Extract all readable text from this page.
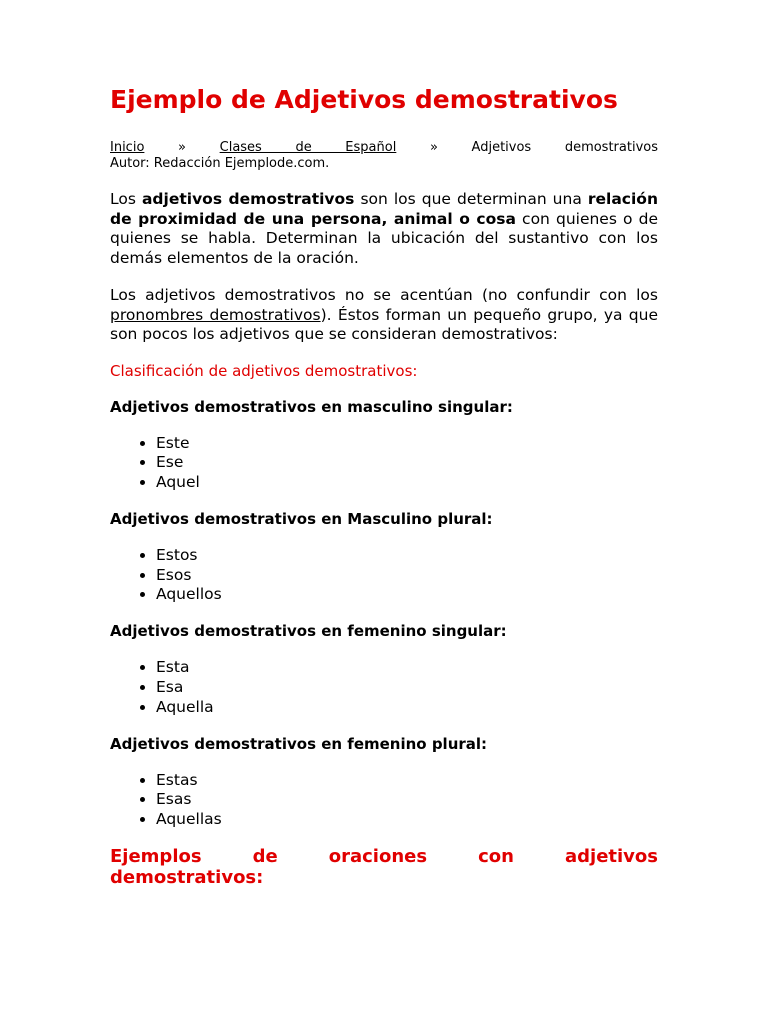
Ejemplo de Adjetivos demostrativos
Inicio	»	Clases de Español	»	Adjetivos demostrativos
Autor: Redacción Ejemplode.com.

Los adjetivos demostrativos son los que determinan una relación de proximidad de una persona, animal o cosa con quienes o de quienes se habla. Determinan la ubicación del sustantivo con los demás elementos de la oración.

Los adjetivos demostrativos no se acentúan (no confundir con los pronombres demostrativos). Éstos forman un pequeño grupo, ya que son pocos los adjetivos que se consideran demostrativos:

Clasificación de adjetivos demostrativos:
Adjetivos demostrativos en masculino singular:
• Este
• Ese
• Aquel
Adjetivos demostrativos en Masculino plural:
• Estos
• Esos
• Aquellos
Adjetivos demostrativos en femenino singular:
• Esta
• Esa
• Aquella
Adjetivos demostrativos en femenino plural:
• Estas
• Esas
• Aquellas
Ejemplos de oraciones con adjetivos
demostrativos:
